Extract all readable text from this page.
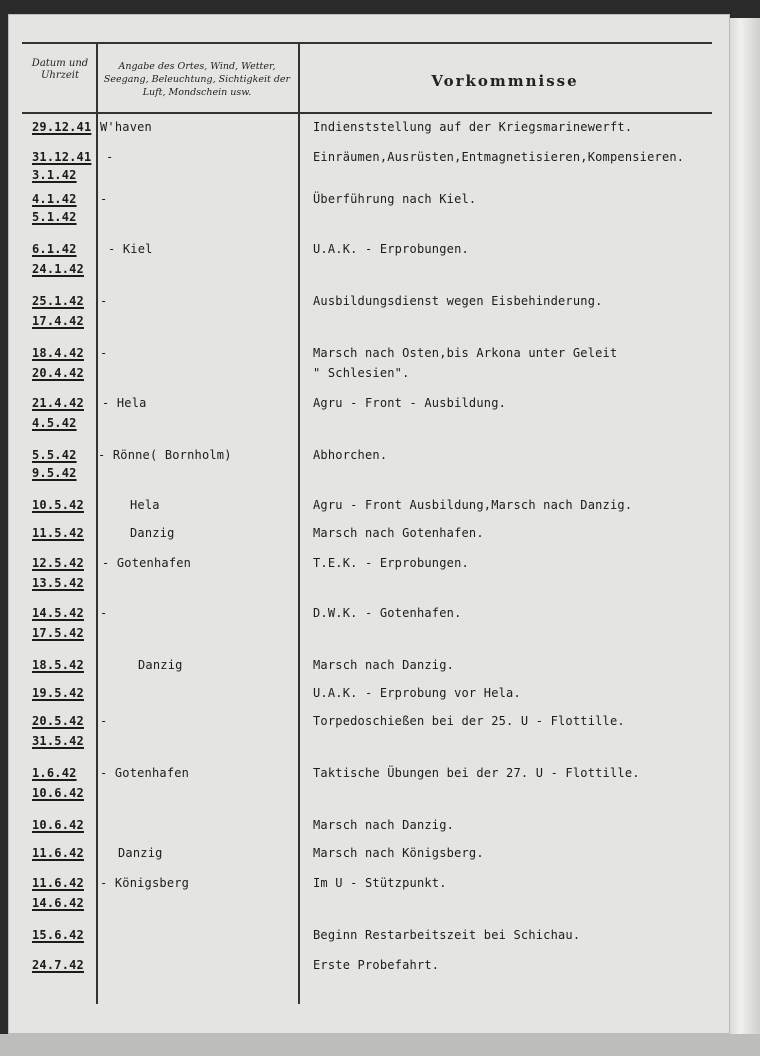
Datum und Uhrzeit
Angabe des Ortes, Wind, Wetter, Seegang, Beleuchtung, Sichtigkeit der Luft, Mondschein usw.
Vorkommnisse
29.12.41
31.12.41
3.1.42
4.1.42
5.1.42
6.1.42
24.1.42
25.1.42
17.4.42
18.4.42
20.4.42
21.4.42
4.5.42
5.5.42
9.5.42
10.5.42
11.5.42
12.5.42
13.5.42
14.5.42
17.5.42
18.5.42
19.5.42
20.5.42
31.5.42
1.6.42
10.6.42
10.6.42
11.6.42
11.6.42
14.6.42
15.6.42
24.7.42
W'haven
-
-
- Kiel
-
-
- Hela
- Rönne( Bornholm)
Hela
Danzig
- Gotenhafen
-
Danzig
-
- Gotenhafen
Danzig
- Königsberg
Indienststellung auf der Kriegsmarinewerft.
Einräumen,Ausrüsten,Entmagnetisieren,Kompensieren.
Überführung nach Kiel.
U.A.K. - Erprobungen.
Ausbildungsdienst wegen Eisbehinderung.
Marsch nach Osten,bis Arkona unter Geleit
" Schlesien".
Agru - Front - Ausbildung.
Abhorchen.
Agru - Front Ausbildung,Marsch nach Danzig.
Marsch nach Gotenhafen.
T.E.K. - Erprobungen.
D.W.K. - Gotenhafen.
Marsch nach Danzig.
U.A.K. - Erprobung vor Hela.
Torpedoschießen bei der 25. U - Flottille.
Taktische Übungen bei der 27. U - Flottille.
Marsch nach Danzig.
Marsch nach Königsberg.
Im U - Stützpunkt.
Beginn Restarbeitszeit bei Schichau.
Erste Probefahrt.
